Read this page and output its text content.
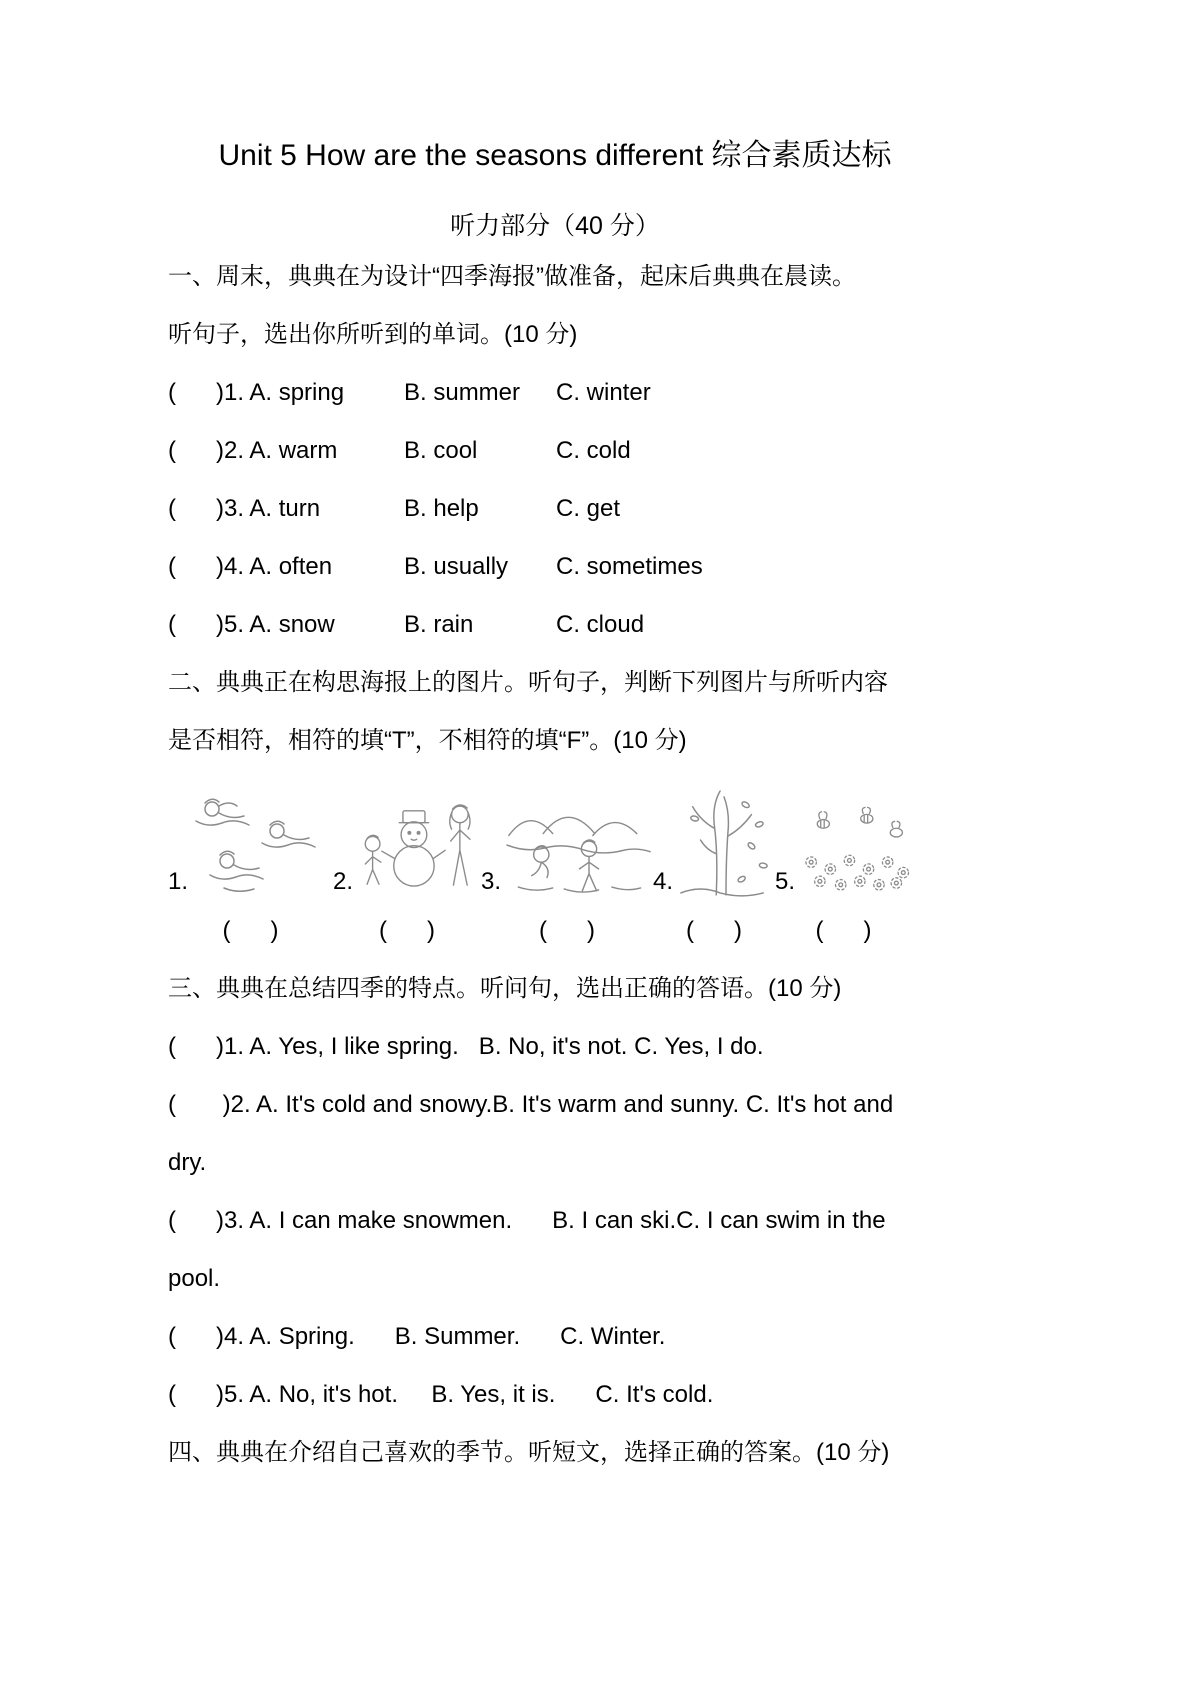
Unit 5 How are the seasons different 综合素质达标
听力部分（40 分）

一、周末，典典在为设计“四季海报”做准备，起床后典典在晨读。

听句子，选出你所听到的单词。(10 分)

(      )1. A. spring	B. summer	C. winter
(      )2. A. warm	B. cool	C. cold
(      )3. A. turn	B. help	C. get
(      )4. A. often	B. usually	C. sometimes
(      )5. A. snow	B. rain	C. cloud

二、典典正在构思海报上的图片。听句子，判断下列图片与所听内容

是否相符，相符的填“T”，不相符的填“F”。(10 分)

1.	2.	3.	4.	5.
(      )	(      )	(      )	(      )	(      )

三、典典在总结四季的特点。听问句，选出正确的答语。(10 分)

(      )1. A. Yes, I like spring.   B. No, it's not. C. Yes, I do.

(       )2. A. It's cold and snowy.B. It's warm and sunny. C. It's hot and

dry.

(      )3. A. I can make snowmen.      B. I can ski.C. I can swim in the pool.

(      )4. A. Spring.      B. Summer.      C. Winter.

(      )5. A. No, it's hot.     B. Yes, it is.      C. It's cold.

四、典典在介绍自己喜欢的季节。听短文，选择正确的答案。(10 分)
